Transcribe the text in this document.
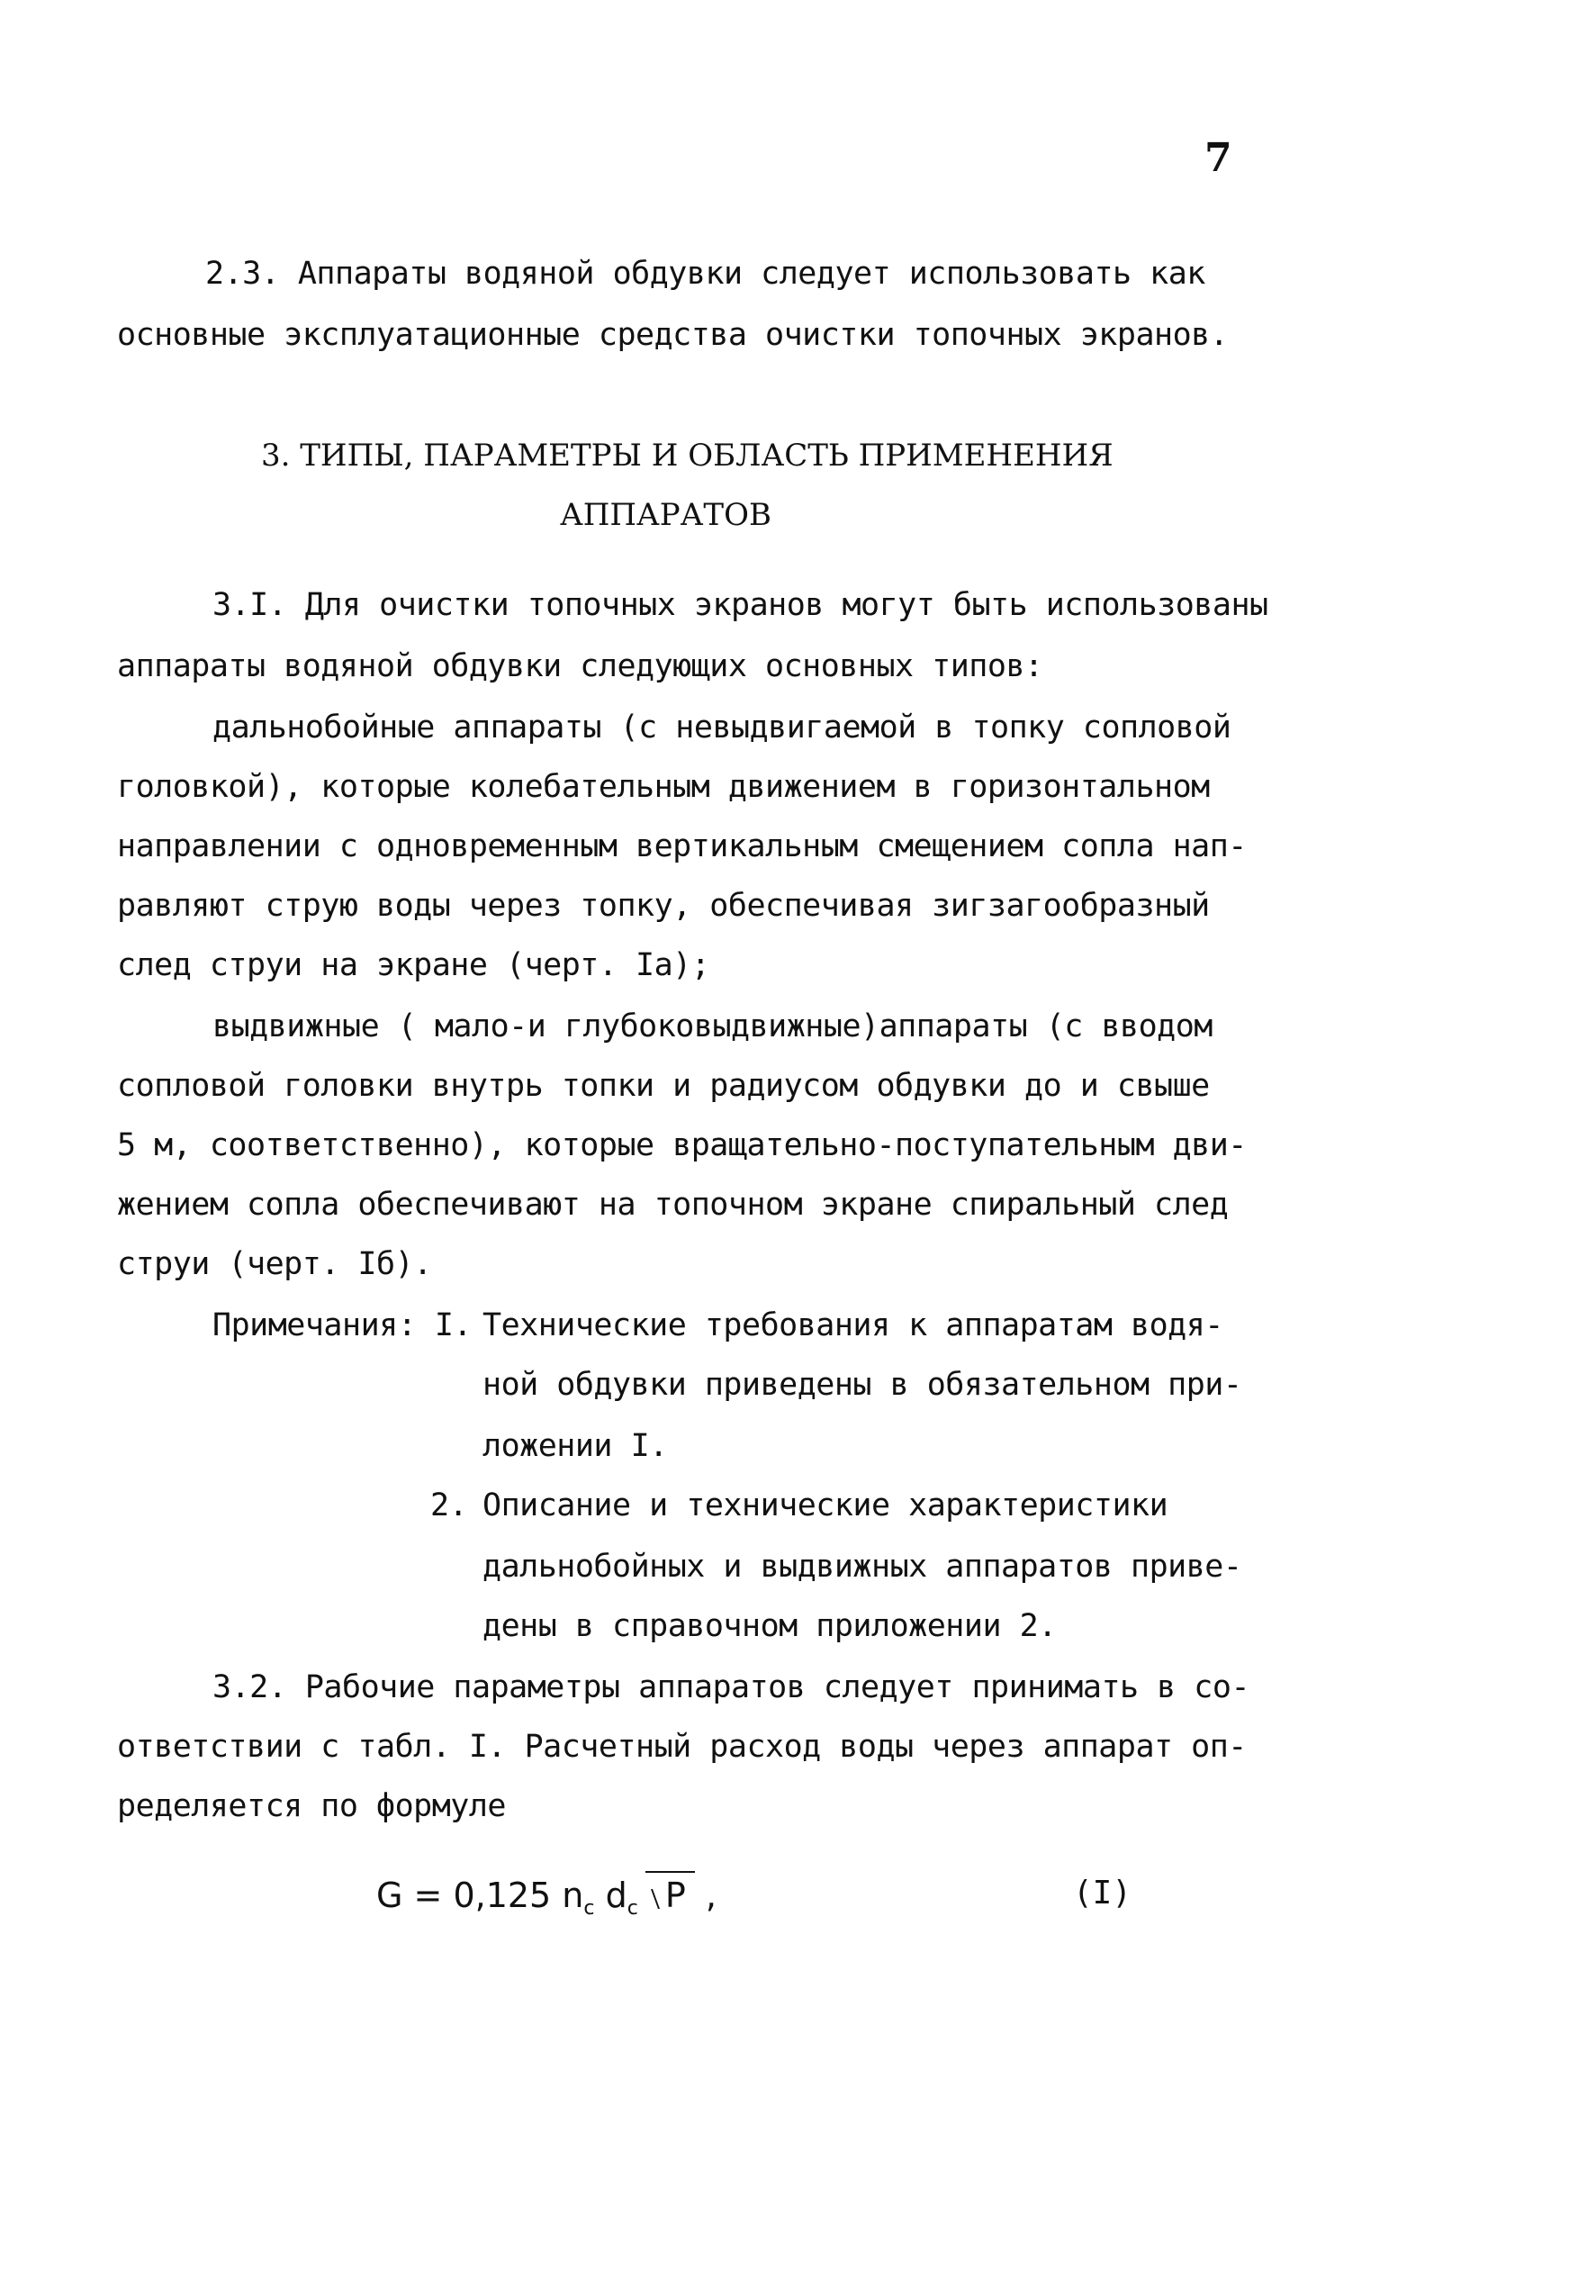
7
2.3. Аппараты водяной обдувки следует использовать как
основные эксплуатационные средства очистки топочных экранов.
3. ТИПЫ, ПАРАМЕТРЫ И ОБЛАСТЬ ПРИМЕНЕНИЯ
АППАРАТОВ
3.I. Для очистки топочных экранов могут быть использованы
аппараты водяной обдувки следующих основных типов:
дальнобойные аппараты (с невыдвигаемой в топку сопловой
головкой), которые колебательным движением в горизонтальном
направлении с одновременным вертикальным смещением сопла нап-
равляют струю воды через топку, обеспечивая зигзагообразный
след струи на экране (черт. Iа);
выдвижные ( мало-и глубоковыдвижные)аппараты (с вводом
сопловой головки внутрь топки и радиусом обдувки до и свыше
5 м, соответственно), которые вращательно-поступательным дви-
жением сопла обеспечивают на топочном экране спиральный след
струи (черт. Iб).
Примечания: I. Технические требования к аппаратам водя-
ной обдувки приведены в обязательном при-
ложении I.
2. Описание и технические характеристики
дальнобойных и выдвижных аппаратов приве-
дены в справочном приложении 2.
3.2. Рабочие параметры аппаратов следует принимать в со-
ответствии с табл. I. Расчетный расход воды через аппарат оп-
ределяется по формуле
G = 0,125 $n_c$ $d_c$ P ,	(I)
